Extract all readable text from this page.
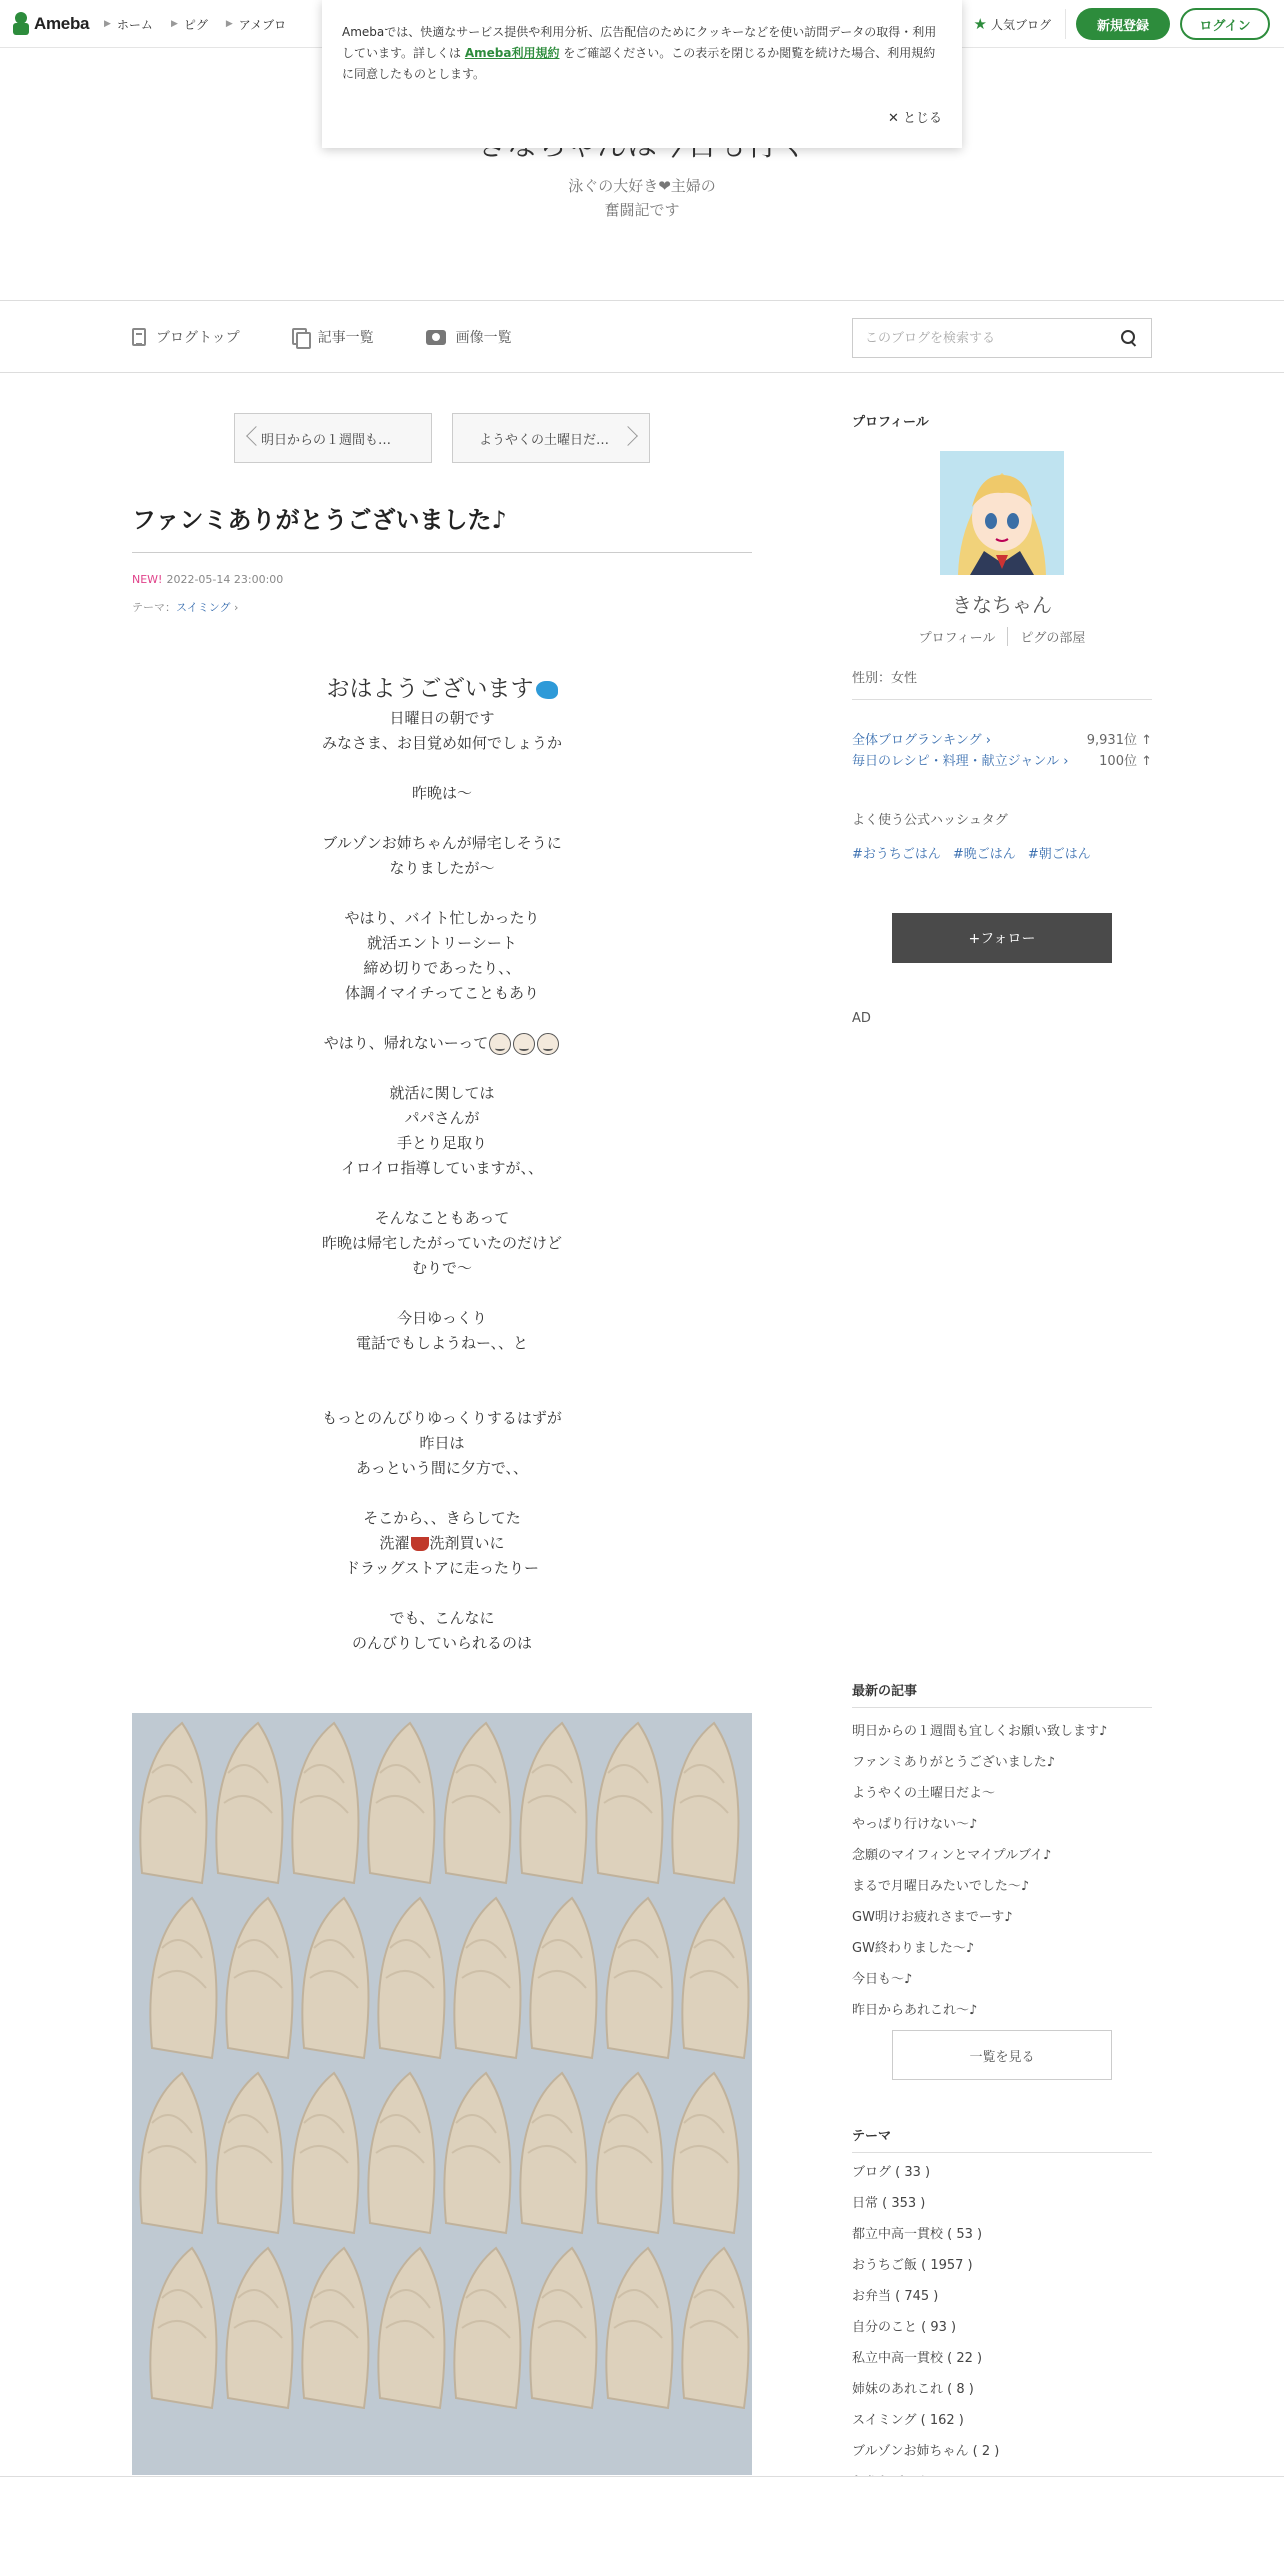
Ameba ▶ ホーム ▶ ピグ ▶ アメブロ	★ 人気ブログ	新規登録	ログイン
泳ぐの大好き❤主婦の
奮闘記です

Amebaでは、快適なサービス提供や利用分析、広告配信のためにクッキーなどを使い訪問データの取得・利用しています。詳しくは Ameba利用規約 をご確認ください。この表示を閉じるか閲覧を続けた場合、利用規約に同意したものとします。

✕ とじる
ブログトップ	記事一覧	画像一覧
このブログを検索する
明日からの１週間も…	ようやくの土曜日だ…
ファンミありがとうございました♪
NEW! 2022-05-14 23:00:00
テーマ：スイミング ›
おはようございます
日曜日の朝です
みなさま、お目覚め如何でしょうか
昨晩は〜
ブルゾンお姉ちゃんが帰宅しそうに
なりましたが〜
やはり、バイト忙しかったり
就活エントリーシート
締め切りであったり、、
体調イマイチってこともあり
やはり、帰れないーって
就活に関しては
パパさんが
手とり足取り
イロイロ指導していますが、、
そんなこともあって
昨晩は帰宅したがっていたのだけど
むりで〜
今日ゆっくり
電話でもしようねー、、と
もっとのんびりゆっくりするはずが
昨日は
あっという間に夕方で、、
そこから、、きらしてた
洗濯 洗剤買いに
ドラッグストアに走ったりー
でも、こんなに
のんびりしていられるのは
プロフィール
きなちゃん
プロフィール	ピグの部屋
性別：女性
全体ブログランキング ›	9,931位 ↑
毎日のレシピ・料理・献立ジャンル › 100位 ↑
よく使う公式ハッシュタグ
#おうちごはん #晩ごはん #朝ごはん
+フォロー
AD
最新の記事
明日からの１週間も宜しくお願い致します♪
ファンミありがとうございました♪
ようやくの土曜日だよ〜
やっぱり行けない〜♪
念願のマイフィンとマイプルブイ♪
まるで月曜日みたいでした〜♪
GW明けお疲れさまでーす♪
GW終わりました〜♪
今日も〜♪
昨日からあれこれ〜♪
一覧を見る
テーマ
ブログ ( 33 )
日常 ( 353 )
都立中高一貫校 ( 53 )
おうちご飯 ( 1957 )
お弁当 ( 745 )
自分のこと ( 93 )
私立中高一貫校 ( 22 )
姉妹のあれこれ ( 8 )
スイミング ( 162 )
ブルゾンお姉ちゃん ( 2 )
